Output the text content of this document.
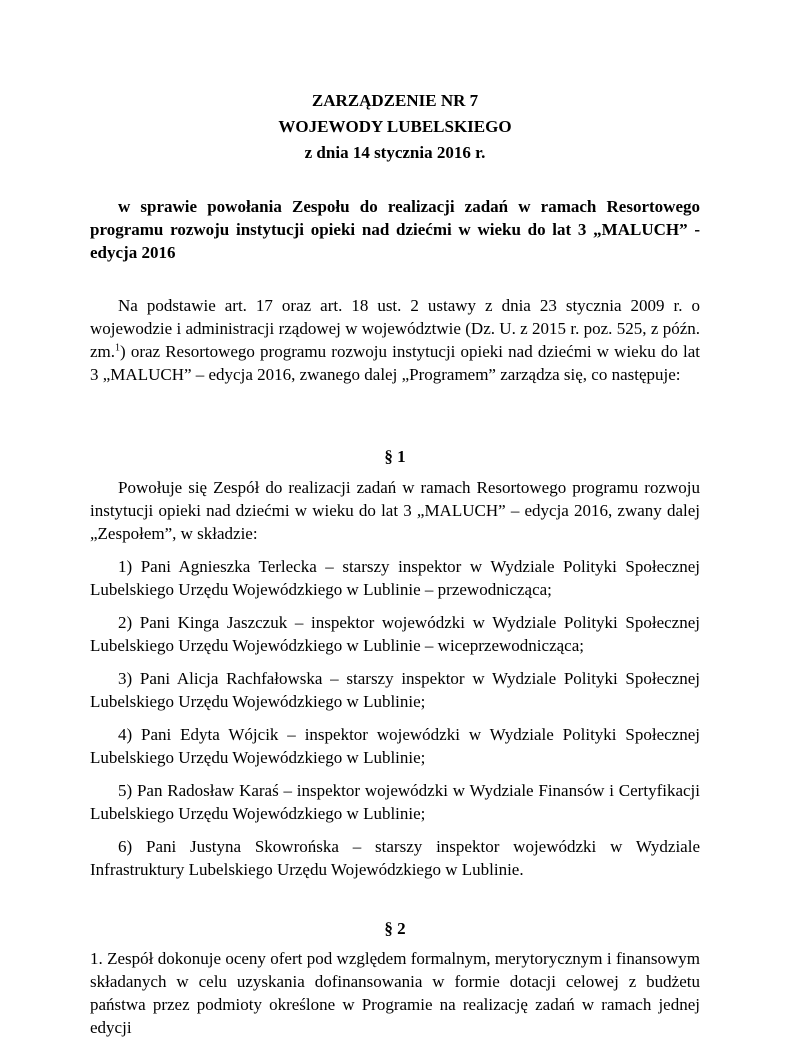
ZARZĄDZENIE NR 7
WOJEWODY LUBELSKIEGO
z dnia 14 stycznia 2016 r.
w sprawie powołania Zespołu do realizacji zadań w ramach Resortowego programu rozwoju instytucji opieki nad dziećmi w wieku do lat 3 „MALUCH” - edycja 2016
Na podstawie art. 17 oraz art. 18 ust. 2 ustawy z dnia 23 stycznia 2009 r. o wojewodzie i administracji rządowej w województwie (Dz. U. z 2015 r. poz. 525, z późn. zm.$^1$) oraz Resortowego programu rozwoju instytucji opieki nad dziećmi w wieku do lat 3 „MALUCH” – edycja 2016, zwanego dalej „Programem” zarządza się, co następuje:
§ 1
Powołuje się Zespół do realizacji zadań w ramach Resortowego programu rozwoju instytucji opieki nad dziećmi w wieku do lat 3 „MALUCH” – edycja 2016, zwany dalej „Zespołem”, w składzie:
1) Pani Agnieszka Terlecka – starszy inspektor w Wydziale Polityki Społecznej Lubelskiego Urzędu Wojewódzkiego w Lublinie – przewodnicząca;
2) Pani Kinga Jaszczuk – inspektor wojewódzki w Wydziale Polityki Społecznej Lubelskiego Urzędu Wojewódzkiego w Lublinie – wiceprzewodnicząca;
3) Pani Alicja Rachfałowska – starszy inspektor w Wydziale Polityki Społecznej Lubelskiego Urzędu Wojewódzkiego w Lublinie;
4) Pani Edyta Wójcik – inspektor wojewódzki w Wydziale Polityki Społecznej Lubelskiego Urzędu Wojewódzkiego w Lublinie;
5) Pan Radosław Karaś – inspektor wojewódzki w Wydziale Finansów i Certyfikacji Lubelskiego Urzędu Wojewódzkiego w Lublinie;
6) Pani Justyna Skowrońska – starszy inspektor wojewódzki w Wydziale Infrastruktury Lubelskiego Urzędu Wojewódzkiego w Lublinie.
§ 2
1. Zespół dokonuje oceny ofert pod względem formalnym, merytorycznym i finansowym składanych w celu uzyskania dofinansowania w formie dotacji celowej z budżetu państwa przez podmioty określone w Programie na realizację zadań w ramach jednej edycji
